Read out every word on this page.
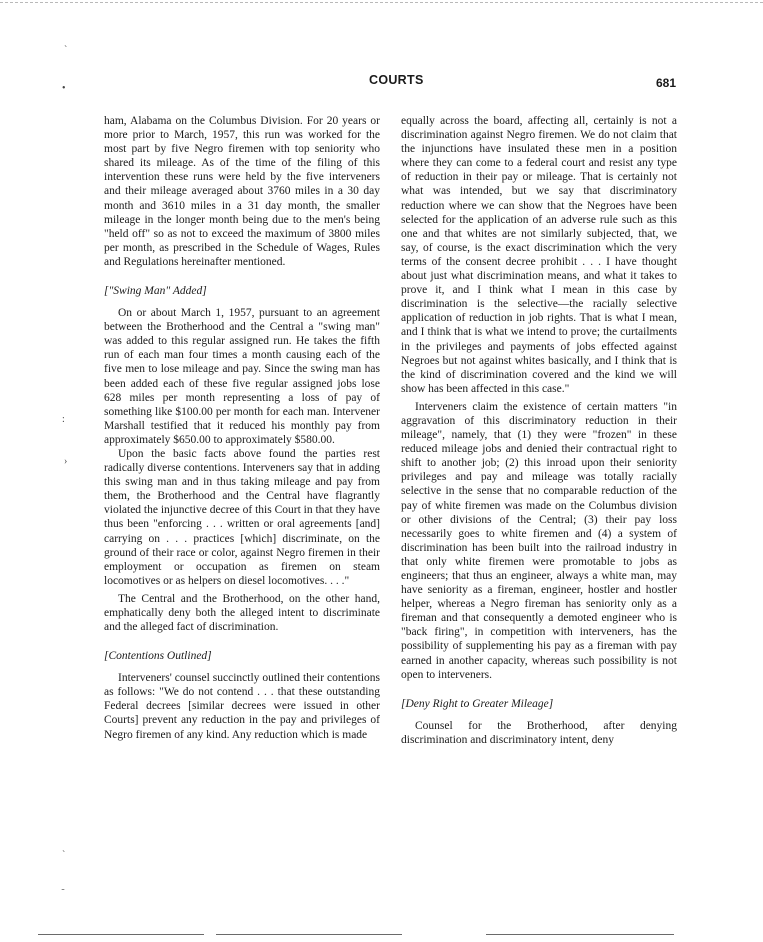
ˋ
•
:
›
ˋ
ᐨ
COURTS	681

ham, Alabama on the Columbus Division. For 20 years or more prior to March, 1957, this run was worked for the most part by five Negro firemen with top seniority who shared its mileage. As of the time of the filing of this intervention these runs were held by the five interveners and their mileage averaged about 3760 miles in a 30 day month and 3610 miles in a 31 day month, the smaller mileage in the longer month being due to the men's being "held off" so as not to exceed the maximum of 3800 miles per month, as prescribed in the Schedule of Wages, Rules and Regulations hereinafter mentioned.

["Swing Man" Added]

On or about March 1, 1957, pursuant to an agreement between the Brotherhood and the Central a "swing man" was added to this regular assigned run. He takes the fifth run of each man four times a month causing each of the five men to lose mileage and pay. Since the swing man has been added each of these five regular assigned jobs lose 628 miles per month representing a loss of pay of something like $100.00 per month for each man. Intervener Marshall testified that it reduced his monthly pay from approximately $650.00 to approximately $580.00.

Upon the basic facts above found the parties rest radically diverse contentions. Interveners say that in adding this swing man and in thus taking mileage and pay from them, the Brotherhood and the Central have flagrantly violated the injunctive decree of this Court in that they have thus been "enforcing . . . written or oral agreements [and] carrying on . . . practices [which] discriminate, on the ground of their race or color, against Negro firemen in their employment or occupation as firemen on steam locomotives or as helpers on diesel locomotives. . . ."

The Central and the Brotherhood, on the other hand, emphatically deny both the alleged intent to discriminate and the alleged fact of discrimination.

[Contentions Outlined]

Interveners' counsel succinctly outlined their contentions as follows: "We do not contend . . . that these outstanding Federal decrees [similar decrees were issued in other Courts] prevent any reduction in the pay and privileges of Negro firemen of any kind. Any reduction which is made

equally across the board, affecting all, certainly is not a discrimination against Negro firemen. We do not claim that the injunctions have insulated these men in a position where they can come to a federal court and resist any type of reduction in their pay or mileage. That is certainly not what was intended, but we say that discriminatory reduction where we can show that the Negroes have been selected for the application of an adverse rule such as this one and that whites are not similarly subjected, that, we say, of course, is the exact discrimination which the very terms of the consent decree prohibit . . . I have thought about just what discrimination means, and what it takes to prove it, and I think what I mean in this case by discrimination is the selective—the racially selective application of reduction in job rights. That is what I mean, and I think that is what we intend to prove; the curtailments in the privileges and payments of jobs effected against Negroes but not against whites basically, and I think that is the kind of discrimination covered and the kind we will show has been affected in this case."

Interveners claim the existence of certain matters "in aggravation of this discriminatory reduction in their mileage", namely, that (1) they were "frozen" in these reduced mileage jobs and denied their contractual right to shift to another job; (2) this inroad upon their seniority privileges and pay and mileage was totally racially selective in the sense that no comparable reduction of the pay of white firemen was made on the Columbus division or other divisions of the Central; (3) their pay loss necessarily goes to white firemen and (4) a system of discrimination has been built into the railroad industry in that only white firemen were promotable to jobs as engineers; that thus an engineer, always a white man, may have seniority as a fireman, engineer, hostler and hostler helper, whereas a Negro fireman has seniority only as a fireman and that consequently a demoted engineer who is "back firing", in competition with interveners, has the possibility of supplementing his pay as a fireman with pay earned in another capacity, whereas such possibility is not open to interveners.

[Deny Right to Greater Mileage]

Counsel for the Brotherhood, after denying discrimination and discriminatory intent, deny
